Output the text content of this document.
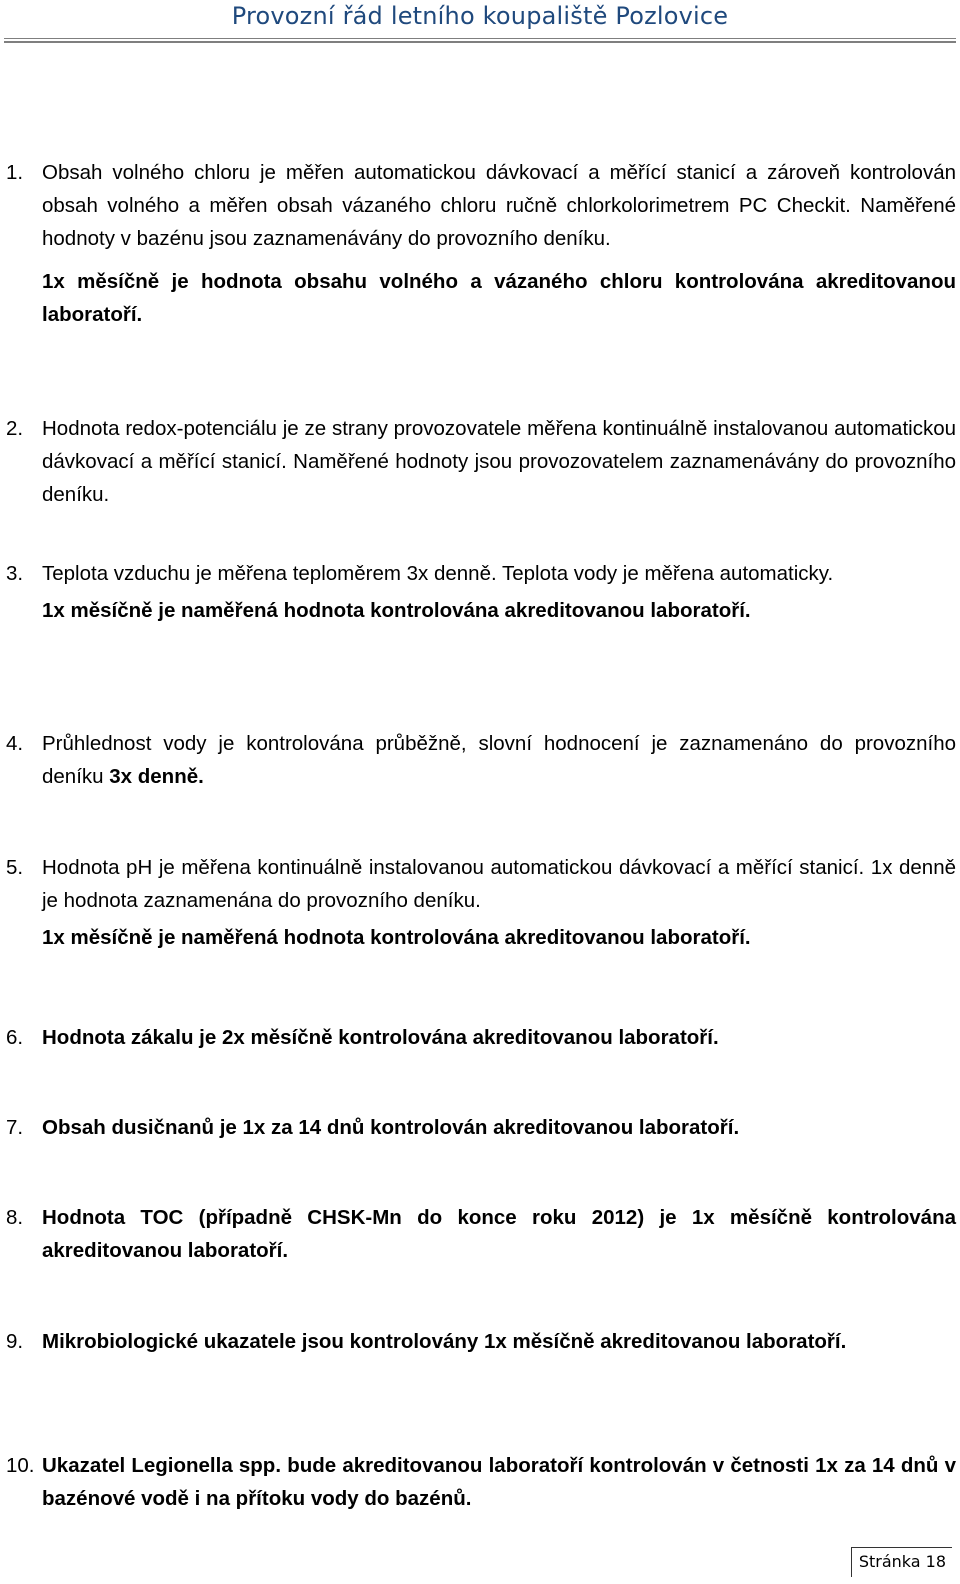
Provozní řád letního koupaliště Pozlovice
1. Obsah volného chloru je měřen automatickou dávkovací a měřící stanicí a zároveň kontrolován obsah volného a měřen obsah vázaného chloru ručně chlorkolorimetrem PC Checkit. Naměřené hodnoty v bazénu jsou zaznamenávány do provozního deníku.

1x měsíčně je hodnota obsahu volného a vázaného chloru kontrolována akreditovanou laboratoří.

2. Hodnota redox-potenciálu je ze strany provozovatele měřena kontinuálně instalovanou automatickou dávkovací a měřící stanicí. Naměřené hodnoty jsou provozovatelem zaznamenávány do provozního deníku.

3. Teplota vzduchu je měřena teploměrem 3x denně. Teplota vody je měřena automaticky.

1x měsíčně je naměřená hodnota kontrolována akreditovanou laboratoří.

4. Průhlednost vody je kontrolována průběžně, slovní hodnocení je zaznamenáno do provozního deníku 3x denně.

5. Hodnota pH je měřena kontinuálně instalovanou automatickou dávkovací a měřící stanicí. 1x denně je hodnota zaznamenána do provozního deníku.

1x měsíčně je naměřená hodnota kontrolována akreditovanou laboratoří.

6. Hodnota zákalu je 2x měsíčně kontrolována akreditovanou laboratoří.

7. Obsah dusičnanů je 1x za 14 dnů kontrolován akreditovanou laboratoří.

8. Hodnota TOC (případně CHSK-Mn do konce roku 2012) je 1x měsíčně kontrolována akreditovanou laboratoří.

9. Mikrobiologické ukazatele jsou kontrolovány 1x měsíčně akreditovanou laboratoří.

10. Ukazatel Legionella spp. bude akreditovanou laboratoří kontrolován v četnosti 1x za 14 dnů v bazénové vodě i na přítoku vody do bazénů.

Stránka 18
